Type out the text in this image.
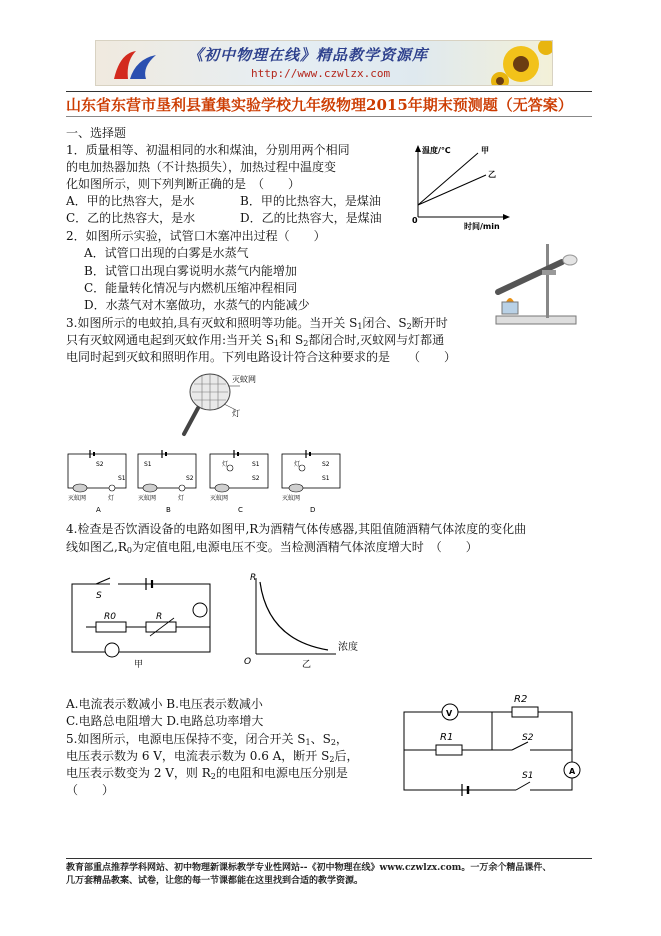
《初中物理在线》精品教学资源库
http://www.czwlzx.com
山东省东营市垦利县董集实验学校九年级物理2015年期末预测题（无答案）
一、选择题
1．质量相等、初温相同的水和煤油，分别用两个相同
的电加热器加热（不计热损失），加热过程中温度变
化如图所示，则下列判断正确的是　（　　）
A．甲的比热容大，是水	B．甲的比热容大，是煤油
C．乙的比热容大，是水	D．乙的比热容大，是煤油
温度/℃	甲
乙
0
时间/min
2．如图所示实验，试管口木塞冲出过程（　　）
A．试管口出现的白雾是水蒸气
B．试管口出现白雾说明水蒸气内能增加
C．能量转化情况与内燃机压缩冲程相同
D．水蒸气对木塞做功，水蒸气的内能减少
3.如图所示的电蚊拍,具有灭蚊和照明等功能。当开关 S1闭合、S2断开时
只有灭蚊网通电起到灭蚊作用:当开关 S1和 S2都闭合时,灭蚊网与灯都通
电同时起到灭蚊和照明作用。下列电路设计符合这种要求的是　　（　　）
灭蚊网
灯
S2
S1
灭蚊网	灯
A
S1
S2
灭蚊网	灯
B
灯	S1
S2
灭蚊网
C
灯	S2
S1
灭蚊网
D
4.检查是否饮酒设备的电路如图甲,R为酒精气体传感器,其阻值随酒精气体浓度的变化曲
线如图乙,R0为定值电阻,电源电压不变。当检测酒精气体浓度增大时　（　　）
S
R0	R
甲
R
O	乙
浓度
A.电流表示数减小 B.电压表示数减小
C.电路总电阻增大 D.电路总功率增大
5.如图所示，电源电压保持不变，闭合开关 S1、S2，
电压表示数为 6 V，电流表示数为 0.6 A，断开 S2后，
电压表示数变为 2 V，则 R2的电阻和电源电压分别是
（　　）
V
A
R2
R1	S2
S1
教育部重点推荐学科网站、初中物理新课标教学专业性网站--《初中物理在线》www.czwlzx.com。一万余个精品课件、
几万套精品教案、试卷，让您的每一节课都能在这里找到合适的教学资源。
